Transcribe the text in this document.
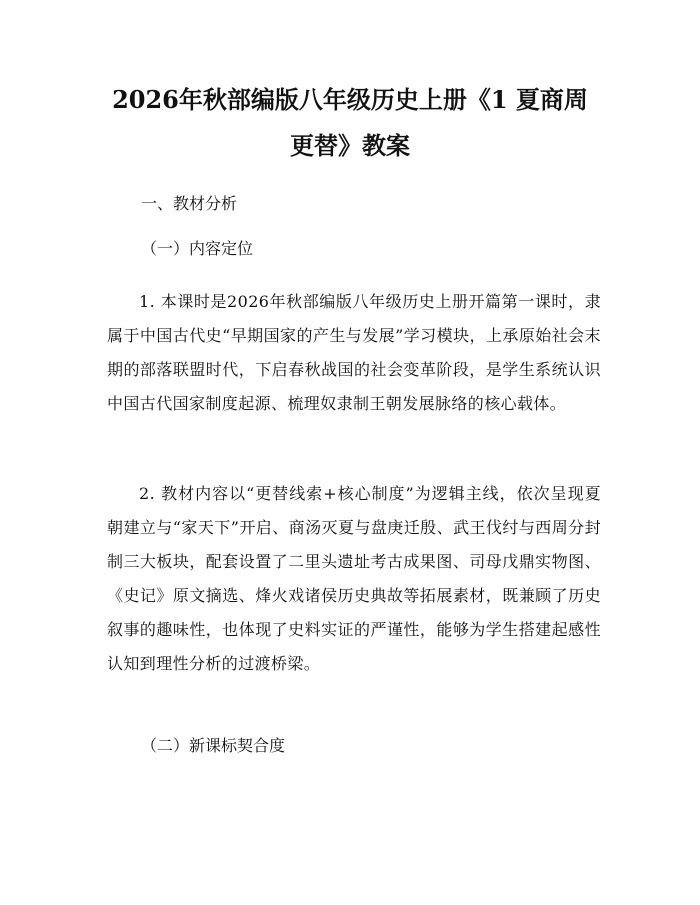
2026年秋部编版八年级历史上册《1 夏商周
更替》教案
一、教材分析
（一）内容定位

1. 本课时是2026年秋部编版八年级历史上册开篇第一课时，隶属于中国古代史“早期国家的产生与发展”学习模块，上承原始社会末期的部落联盟时代，下启春秋战国的社会变革阶段，是学生系统认识中国古代国家制度起源、梳理奴隶制王朝发展脉络的核心载体。

2. 教材内容以“更替线索+核心制度”为逻辑主线，依次呈现夏朝建立与“家天下”开启、商汤灭夏与盘庚迁殷、武王伐纣与西周分封制三大板块，配套设置了二里头遗址考古成果图、司母戊鼎实物图、《史记》原文摘选、烽火戏诸侯历史典故等拓展素材，既兼顾了历史叙事的趣味性，也体现了史料实证的严谨性，能够为学生搭建起感性认知到理性分析的过渡桥梁。

（二）新课标契合度
